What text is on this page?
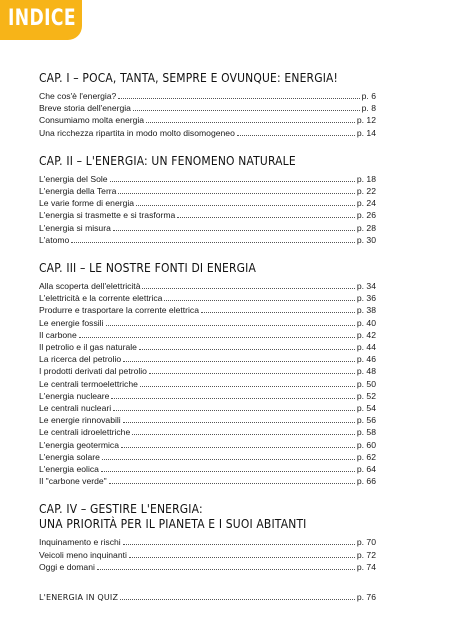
INDICE
CAP. I – POCA, TANTA, SEMPRE E OVUNQUE: ENERGIA!
Che cos'è l'energia?	p. 6
Breve storia dell'energia	p. 8
Consumiamo molta energia	p. 12
Una ricchezza ripartita in modo molto disomogeneo	p. 14
CAP. II – L'ENERGIA: UN FENOMENO NATURALE
L'energia del Sole	p. 18
L'energia della Terra	p. 22
Le varie forme di energia	p. 24
L'energia si trasmette e si trasforma	p. 26
L'energia si misura	p. 28
L'atomo	p. 30
CAP. III – LE NOSTRE FONTI DI ENERGIA
Alla scoperta dell'elettricità	p. 34
L'elettricità e la corrente elettrica	p. 36
Produrre e trasportare la corrente elettrica	p. 38
Le energie fossili	p. 40
Il carbone	p. 42
Il petrolio e il gas naturale	p. 44
La ricerca del petrolio	p. 46
I prodotti derivati dal petrolio	p. 48
Le centrali termoelettriche	p. 50
L'energia nucleare	p. 52
Le centrali nucleari	p. 54
Le energie rinnovabili	p. 56
Le centrali idroelettriche	p. 58
L'energia geotermica	p. 60
L'energia solare	p. 62
L'energia eolica	p. 64
Il "carbone verde"	p. 66
CAP. IV – GESTIRE L'ENERGIA:
UNA PRIORITÀ PER IL PIANETA E I SUOI ABITANTI
Inquinamento e rischi	p. 70
Veicoli meno inquinanti	p. 72
Oggi e domani	p. 74
L'ENERGIA IN QUIZ	p. 76
